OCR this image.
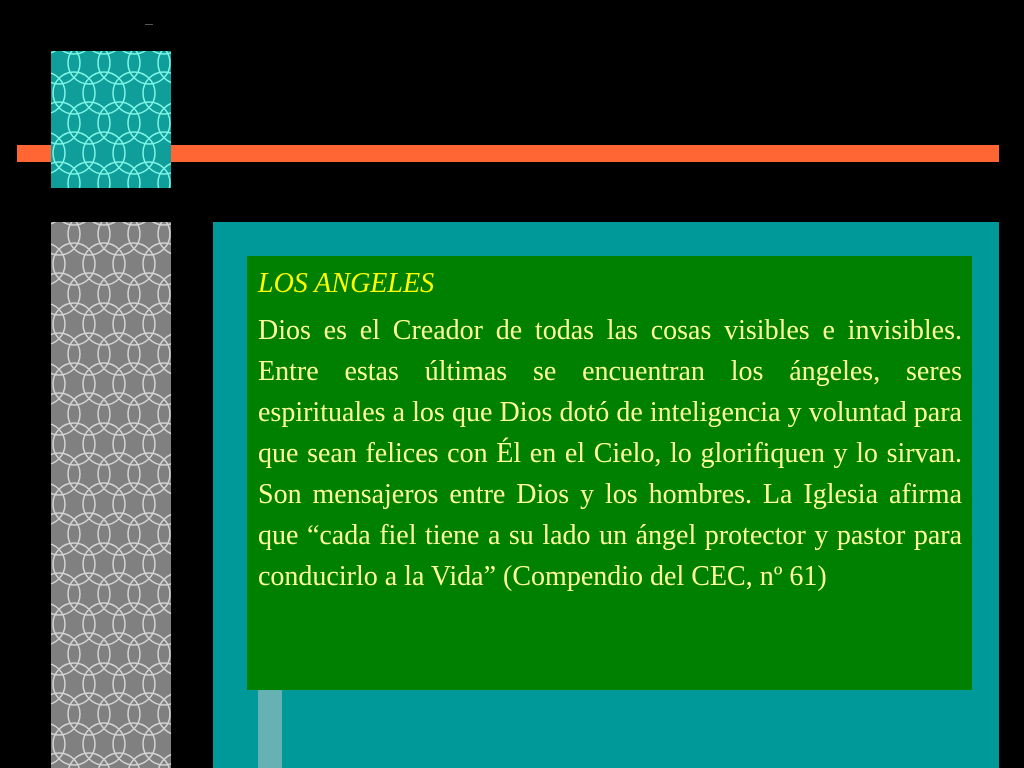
LOS ANGELES

Dios es el Creador de todas las cosas visibles e invisibles. Entre estas últimas se encuentran los ángeles, seres espirituales a los que Dios dotó de inteligencia y voluntad para que sean felices con Él en el Cielo, lo glorifiquen y lo sirvan. Son mensajeros entre Dios y los hombres. La Iglesia afirma que “cada fiel tiene a su lado un ángel protector y pastor para conducirlo a la Vida” (Compendio del CEC, nº 61)
